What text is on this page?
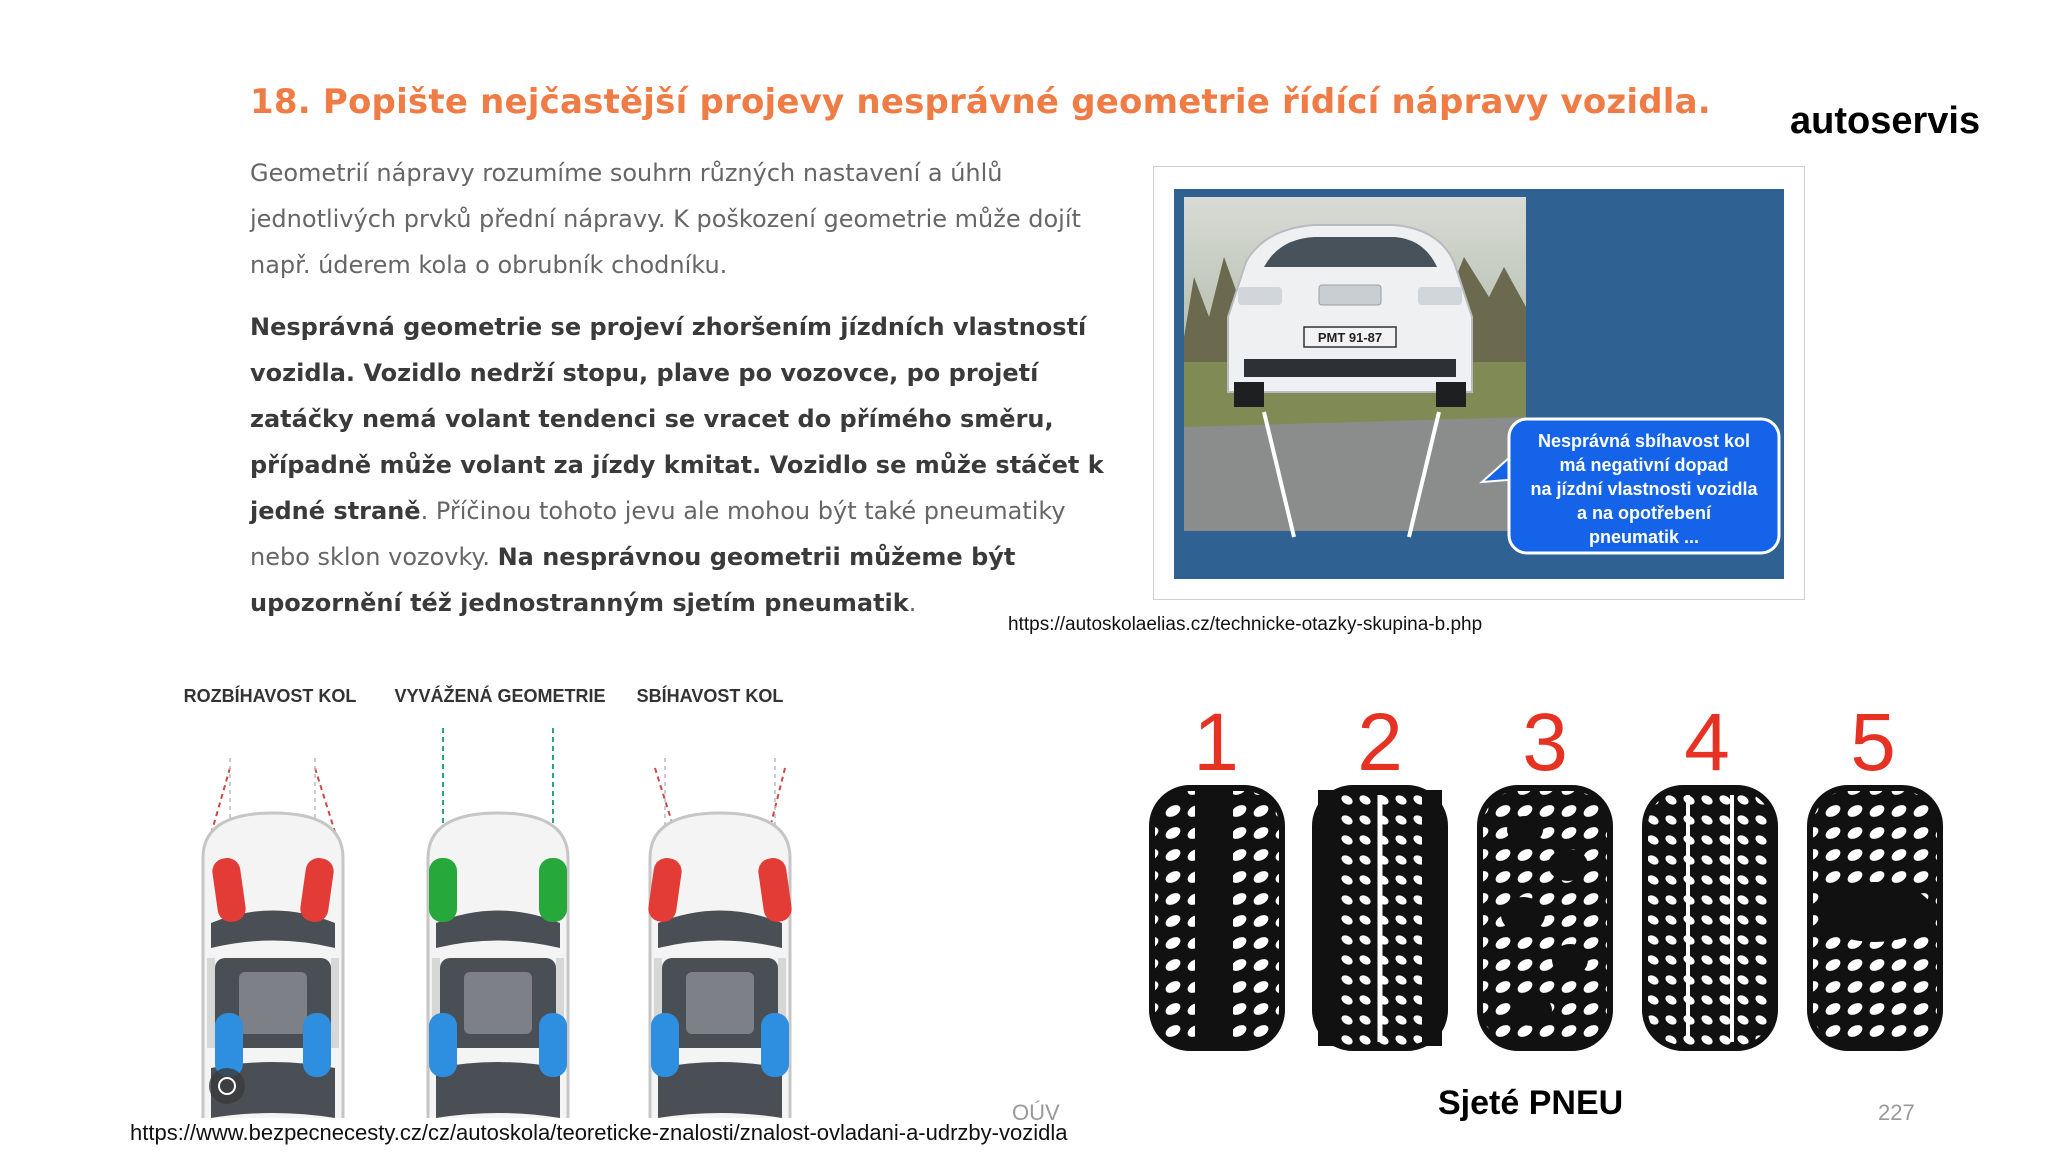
18. Popište nejčastější projevy nesprávné geometrie řídící nápravy vozidla. autoservis
Geometrií nápravy rozumíme souhrn různých nastavení a úhlů jednotlivých prvků přední nápravy. K poškození geometrie může dojít např. úderem kola o obrubník chodníku.
Nesprávná geometrie se projeví zhoršením jízdních vlastností vozidla. Vozidlo nedrží stopu, plave po vozovce, po projetí zatáčky nemá volant tendenci se vracet do přímého směru, případně může volant za jízdy kmitat. Vozidlo se může stáčet k jedné straně. Příčinou tohoto jevu ale mohou být také pneumatiky nebo sklon vozovky. Na nesprávnou geometrii můžeme být upozornění též jednostranným sjetím pneumatik.
PMT 91-87
Nesprávná sbíhavost kol
má negativní dopad
na jízdní vlastnosti vozidla
a na opotřebení
pneumatik ...
https://autoskolaelias.cz/technicke-otazky-skupina-b.php
ROZBÍHAVOST KOL VYVÁŽENÁ GEOMETRIE SBÍHAVOST KOL
1 2 3 4 5
Sjeté PNEU
OÚV	227
https://www.bezpecnecesty.cz/cz/autoskola/teoreticke-znalosti/znalost-ovladani-a-udrzby-vozidla
